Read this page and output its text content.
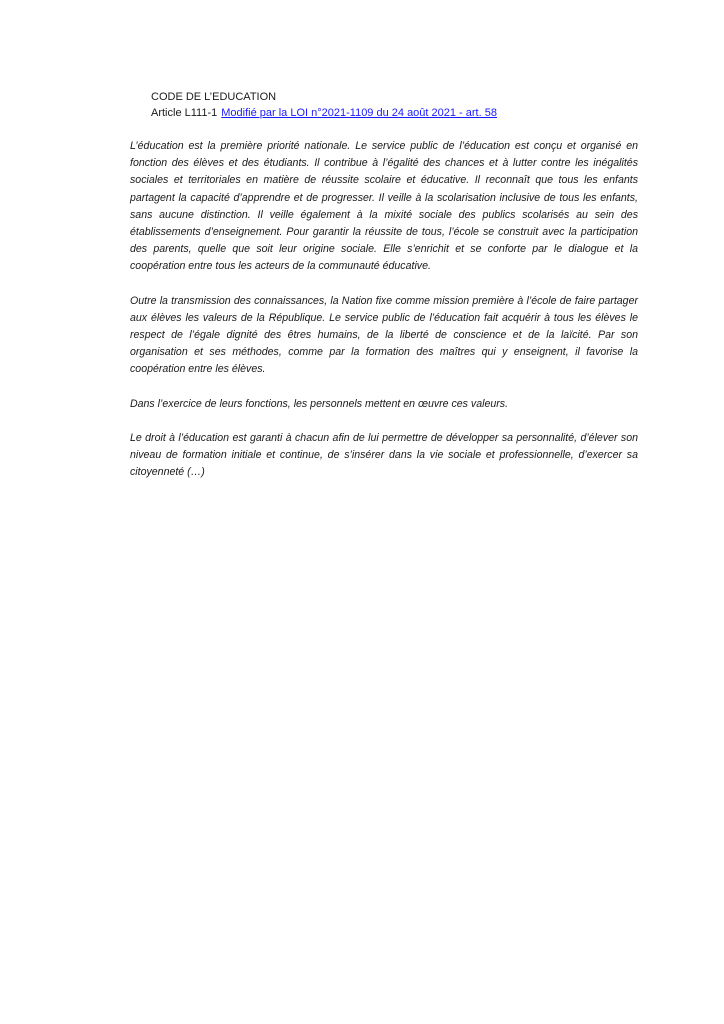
CODE DE L’EDUCATION
Article L111-1 Modifié par la LOI n°2021-1109 du 24 août 2021 - art. 58

L’éducation est la première priorité nationale. Le service public de l’éducation est conçu et organisé en fonction des élèves et des étudiants. Il contribue à l’égalité des chances et à lutter contre les inégalités sociales et territoriales en matière de réussite scolaire et éducative. Il reconnaît que tous les enfants partagent la capacité d’apprendre et de progresser. Il veille à la scolarisation inclusive de tous les enfants, sans aucune distinction. Il veille également à la mixité sociale des publics scolarisés au sein des établissements d’enseignement. Pour garantir la réussite de tous, l’école se construit avec la participation des parents, quelle que soit leur origine sociale. Elle s’enrichit et se conforte par le dialogue et la coopération entre tous les acteurs de la communauté éducative.

Outre la transmission des connaissances, la Nation fixe comme mission première à l’école de faire partager aux élèves les valeurs de la République. Le service public de l’éducation fait acquérir à tous les élèves le respect de l’égale dignité des êtres humains, de la liberté de conscience et de la laïcité. Par son organisation et ses méthodes, comme par la formation des maîtres qui y enseignent, il favorise la coopération entre les élèves.

Dans l’exercice de leurs fonctions, les personnels mettent en œuvre ces valeurs.

Le droit à l’éducation est garanti à chacun afin de lui permettre de développer sa personnalité, d’élever son niveau de formation initiale et continue, de s’insérer dans la vie sociale et professionnelle, d’exercer sa citoyenneté (…)
